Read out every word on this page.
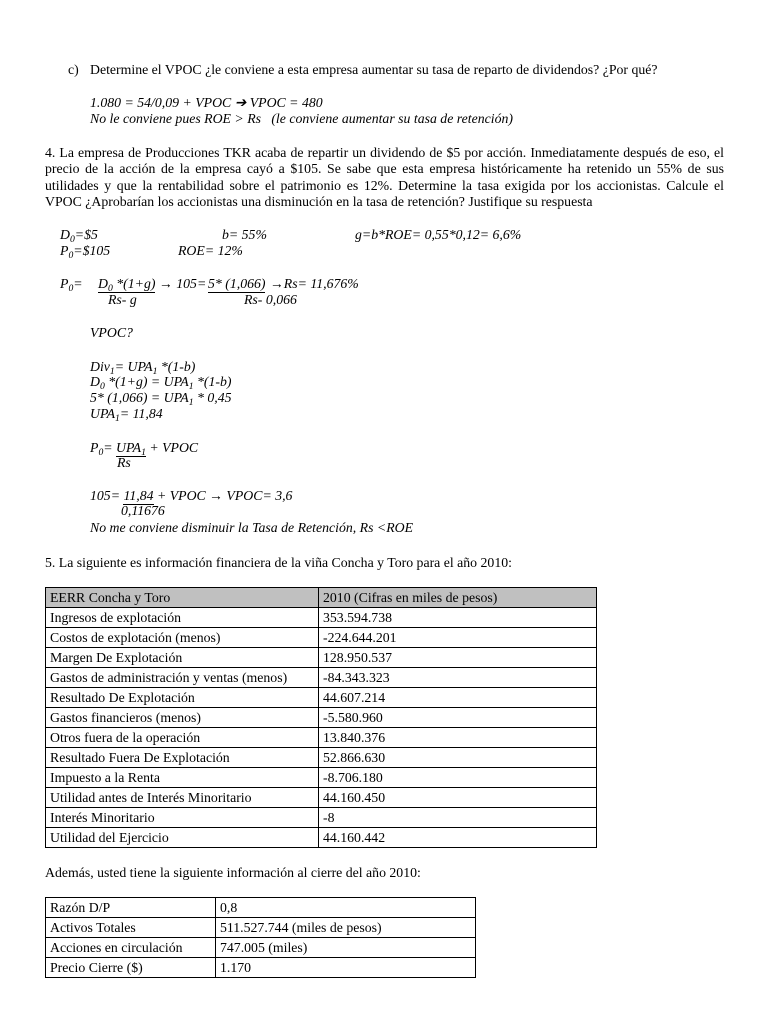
c) Determine el VPOC ¿le conviene a esta empresa aumentar su tasa de reparto de dividendos? ¿Por qué?
1.080 = 54/0,09 + VPOC ➔ VPOC = 480
No le conviene pues ROE > Rs   (le conviene aumentar su tasa de retención)
4. La empresa de Producciones TKR acaba de repartir un dividendo de $5 por acción. Inmediatamente después de eso, el
precio de la acción de la empresa cayó a $105. Se sabe que esta empresa históricamente ha retenido un 55% de sus
utilidades y que la rentabilidad sobre el patrimonio es 12%. Determine la tasa exigida por los accionistas. Calcule el
VPOC ¿Aprobarían los accionistas una disminución en la tasa de retención? Justifique su respuesta
$D_0=\$5$	b= 55%	g=b*ROE= 0,55*0,12= 6,6%
$P_0=\$105$	ROE= 12%
$P_0= D_0$ *(1+g) → 105= 5* (1,066) →Rs= 11,676%
Rs- g	Rs- 0,066
VPOC?
$Div_1= UPA_1$ *(1-b)
$D_0$ $*(1+g) = UPA_1$ *(1-b)
5* $(1,066) = UPA_1 * 0,45$
$UPA_1= 11,84$
$P_0= UPA_1$ + VPOC
Rs
105= 11,84 + VPOC → VPOC= 3,6
0,11676
No me conviene disminuir la Tasa de Retención, Rs <ROE
5. La siguiente es información financiera de la viña Concha y Toro para el año 2010:
EERR Concha y Toro	2010 (Cifras en miles de pesos)
Ingresos de explotación	353.594.738
Costos de explotación (menos)	-224.644.201
Margen De Explotación	128.950.537
Gastos de administración y ventas (menos)	-84.343.323
Resultado De Explotación	44.607.214
Gastos financieros (menos)	-5.580.960
Otros fuera de la operación	13.840.376
Resultado Fuera De Explotación	52.866.630
Impuesto a la Renta	-8.706.180
Utilidad antes de Interés Minoritario	44.160.450
Interés Minoritario	-8
Utilidad del Ejercicio	44.160.442
Además, usted tiene la siguiente información al cierre del año 2010:
Razón D/P	0,8
Activos Totales	511.527.744 (miles de pesos)
Acciones en circulación	747.005 (miles)
Precio Cierre ($)	1.170
